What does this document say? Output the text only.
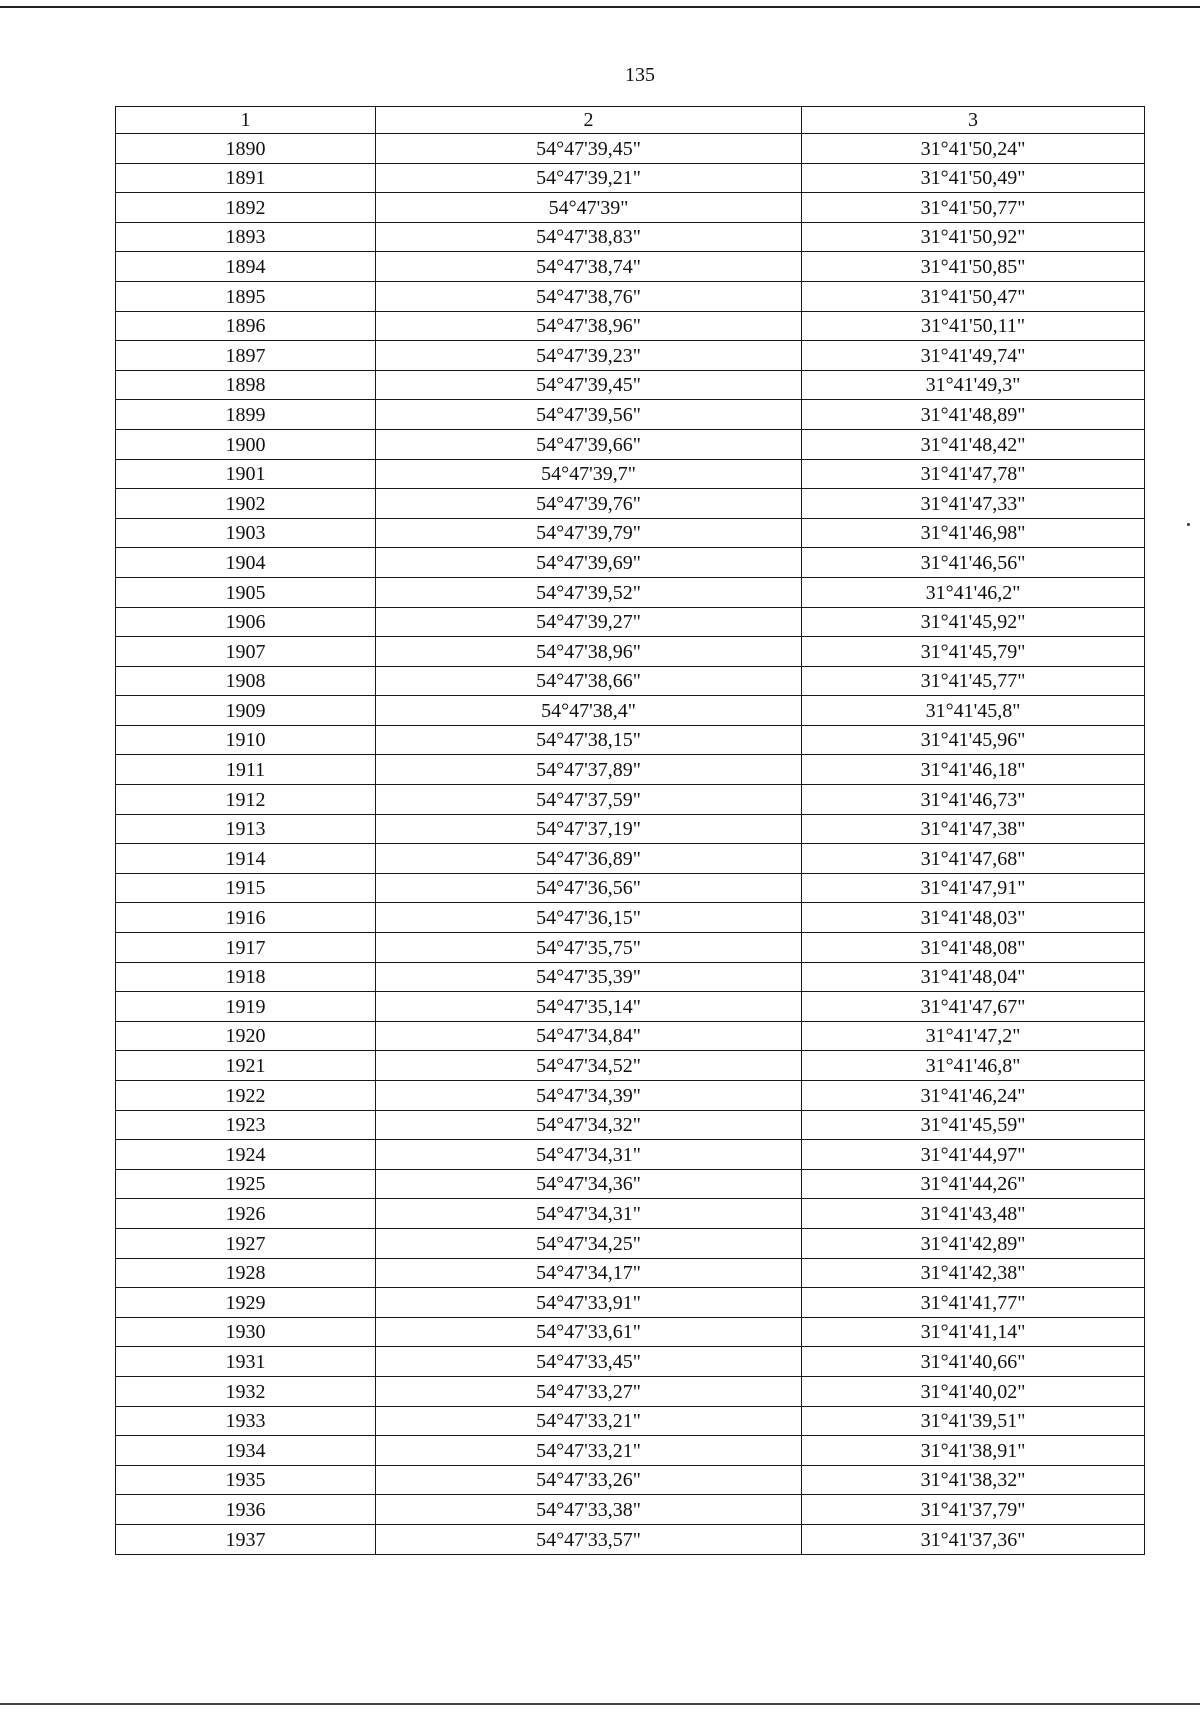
135
1	2	3
1890	54°47'39,45"	31°41'50,24"
1891	54°47'39,21"	31°41'50,49"
1892	54°47'39"	31°41'50,77"
1893	54°47'38,83"	31°41'50,92"
1894	54°47'38,74"	31°41'50,85"
1895	54°47'38,76"	31°41'50,47"
1896	54°47'38,96"	31°41'50,11"
1897	54°47'39,23"	31°41'49,74"
1898	54°47'39,45"	31°41'49,3"
1899	54°47'39,56"	31°41'48,89"
1900	54°47'39,66"	31°41'48,42"
1901	54°47'39,7"	31°41'47,78"
1902	54°47'39,76"	31°41'47,33"
1903	54°47'39,79"	31°41'46,98"
1904	54°47'39,69"	31°41'46,56"
1905	54°47'39,52"	31°41'46,2"
1906	54°47'39,27"	31°41'45,92"
1907	54°47'38,96"	31°41'45,79"
1908	54°47'38,66"	31°41'45,77"
1909	54°47'38,4"	31°41'45,8"
1910	54°47'38,15"	31°41'45,96"
1911	54°47'37,89"	31°41'46,18"
1912	54°47'37,59"	31°41'46,73"
1913	54°47'37,19"	31°41'47,38"
1914	54°47'36,89"	31°41'47,68"
1915	54°47'36,56"	31°41'47,91"
1916	54°47'36,15"	31°41'48,03"
1917	54°47'35,75"	31°41'48,08"
1918	54°47'35,39"	31°41'48,04"
1919	54°47'35,14"	31°41'47,67"
1920	54°47'34,84"	31°41'47,2"
1921	54°47'34,52"	31°41'46,8"
1922	54°47'34,39"	31°41'46,24"
1923	54°47'34,32"	31°41'45,59"
1924	54°47'34,31"	31°41'44,97"
1925	54°47'34,36"	31°41'44,26"
1926	54°47'34,31"	31°41'43,48"
1927	54°47'34,25"	31°41'42,89"
1928	54°47'34,17"	31°41'42,38"
1929	54°47'33,91"	31°41'41,77"
1930	54°47'33,61"	31°41'41,14"
1931	54°47'33,45"	31°41'40,66"
1932	54°47'33,27"	31°41'40,02"
1933	54°47'33,21"	31°41'39,51"
1934	54°47'33,21"	31°41'38,91"
1935	54°47'33,26"	31°41'38,32"
1936	54°47'33,38"	31°41'37,79"
1937	54°47'33,57"	31°41'37,36"
